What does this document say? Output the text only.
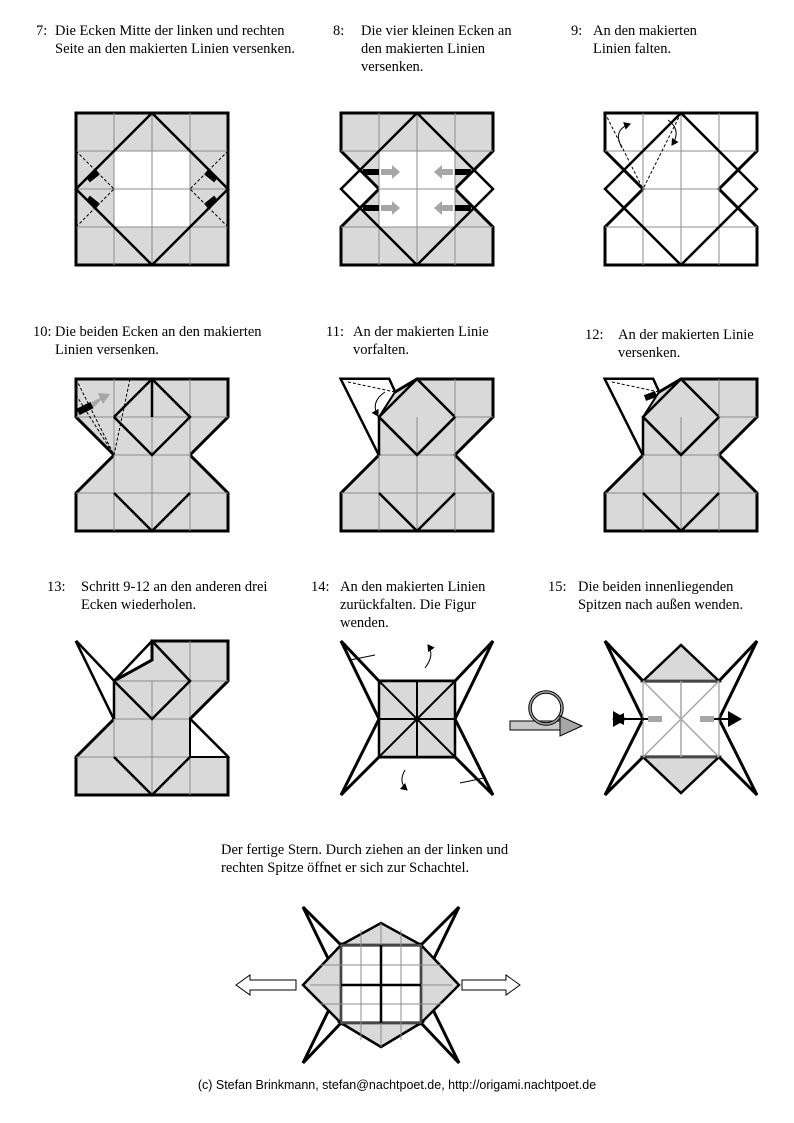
7: Die Ecken Mitte der linken und rechten Seite an den makierten Linien versenken.
8:	Die vier kleinen Ecken an den makierten Linien versenken.
9: An den makierten Linien falten.
10: Die beiden Ecken an den makierten Linien versenken.
11: An der makierten Linie vorfalten.
12: An der makierten Linie versenken.
13:	Schritt 9-12 an den anderen drei Ecken wiederholen.
14: An den makierten Linien zurückfalten. Die Figur wenden.
15: Die beiden innenliegenden Spitzen nach außen wenden.
Der fertige Stern. Durch ziehen an der linken und rechten Spitze öffnet er sich zur Schachtel.
(c) Stefan Brinkmann, stefan@nachtpoet.de, http://origami.nachtpoet.de
